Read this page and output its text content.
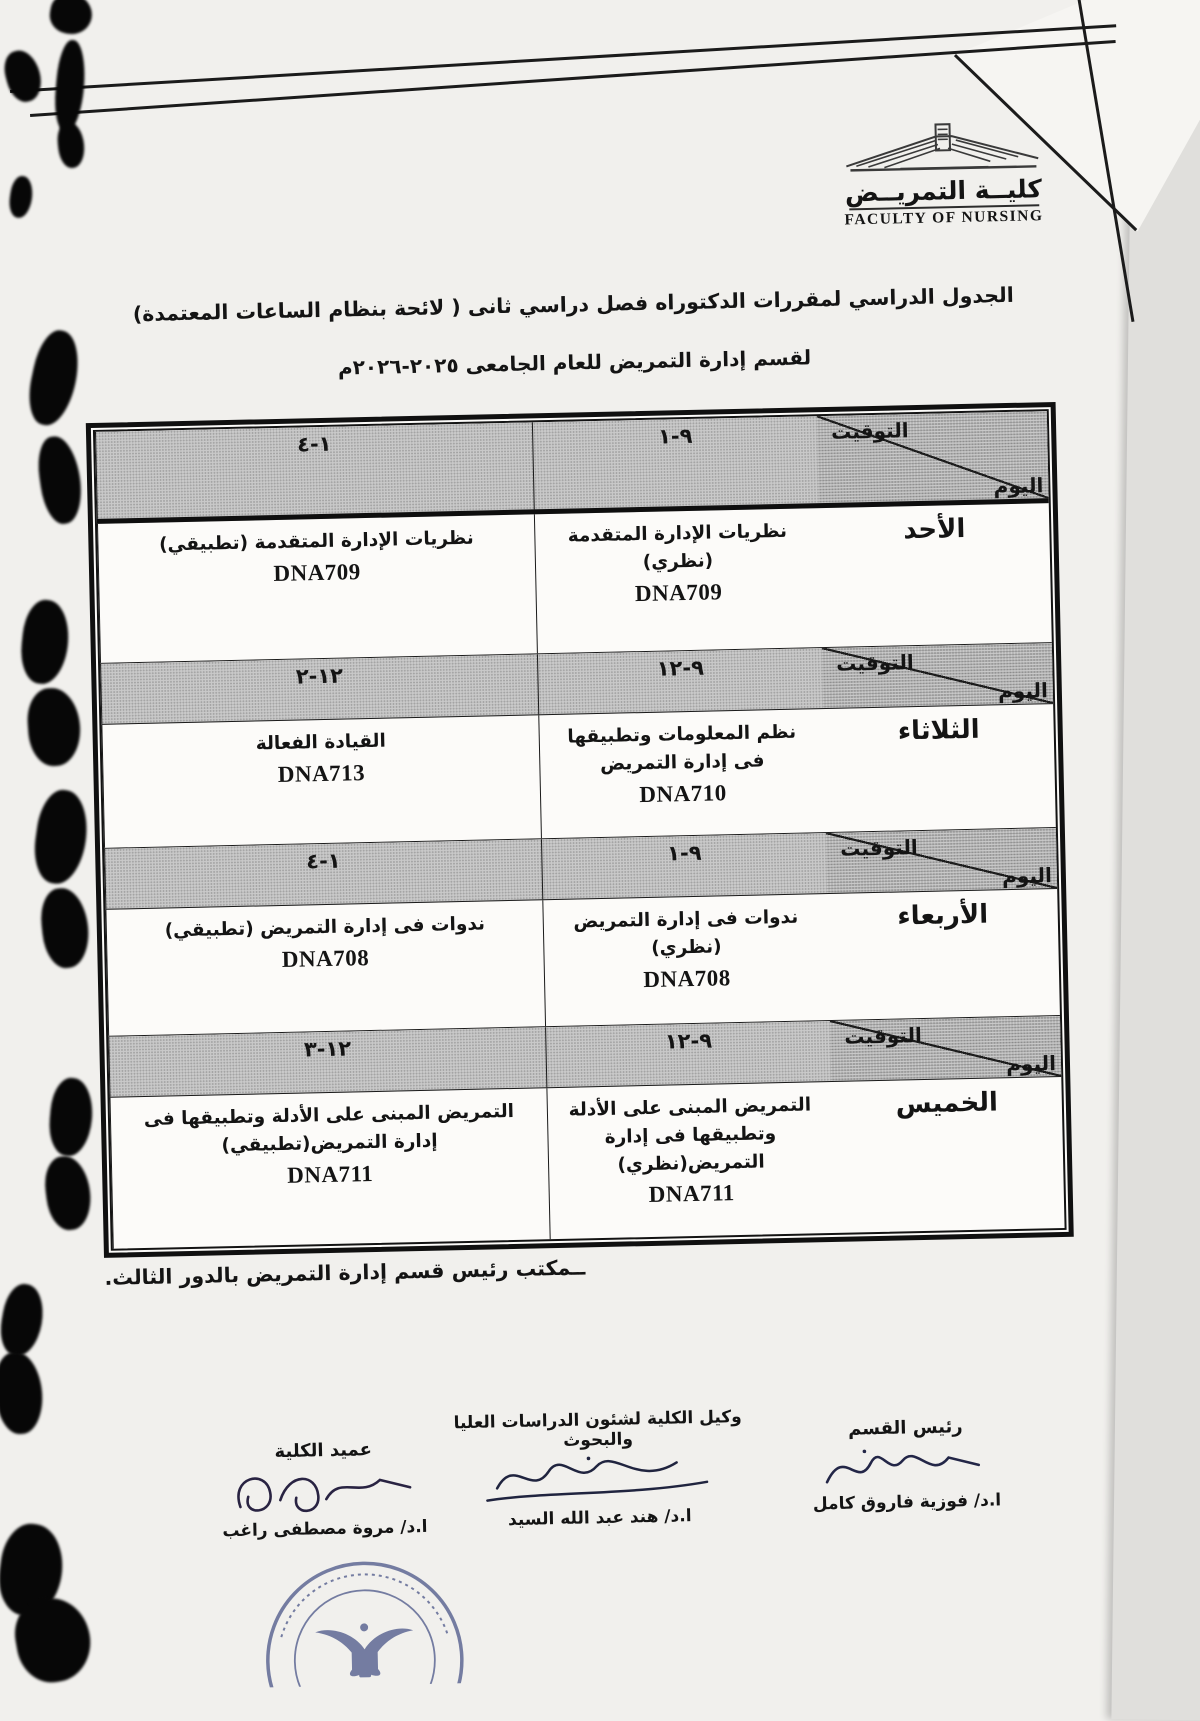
كليــة التمريــض
FACULTY OF NURSING
الجدول الدراسي لمقررات الدكتوراه فصل دراسي ثانى ( لائحة بنظام الساعات المعتمدة)
لقسم إدارة التمريض للعام الجامعى ٢٠٢٥-٢٠٢٦م
التوقيت
اليوم
١-٩
٤-١
الأحد
نظريات الإدارة المتقدمة (نظري)
DNA709
نظريات الإدارة المتقدمة (تطبيقي)
DNA709
التوقيت
اليوم
١٢-٩
٢-١٢
الثلاثاء
نظم المعلومات وتطبيقها فى إدارة التمريض
DNA710
القيادة الفعالة
DNA713
التوقيت
اليوم
١-٩
٤-١
الأربعاء
ندوات فى إدارة التمريض (نظري)
DNA708
ندوات فى إدارة التمريض (تطبيقي)
DNA708
التوقيت
اليوم
١٢-٩
٣-١٢
الخميس
التمريض المبنى على الأدلة وتطبيقها فى إدارة التمريض(نظري)
DNA711
التمريض المبنى على الأدلة وتطبيقها فى إدارة التمريض(تطبيقي)
DNA711
ــمكتب رئيس قسم إدارة التمريض بالدور الثالث.
رئيس القسم
ا.د/ فوزية فاروق كامل
وكيل الكلية لشئون الدراسات العليا والبحوث
ا.د/ هند عبد الله السيد
عميد الكلية
ا.د/ مروة مصطفى راغب
